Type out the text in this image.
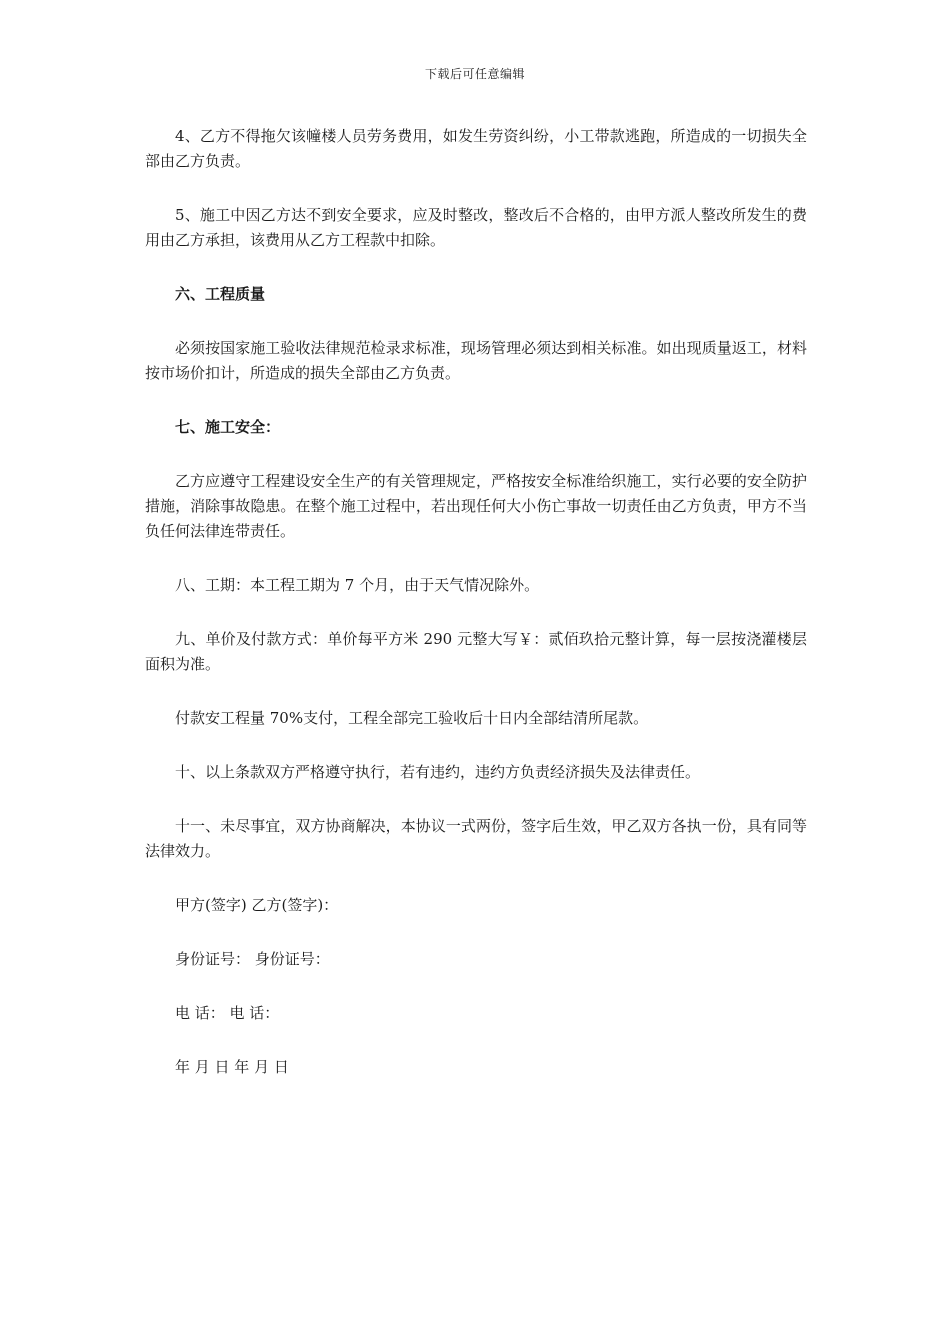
下载后可任意编辑

4、乙方不得拖欠该幢楼人员劳务费用，如发生劳资纠纷，小工带款逃跑，所造成的一切损失全部由乙方负责。

5、施工中因乙方达不到安全要求，应及时整改，整改后不合格的，由甲方派人整改所发生的费用由乙方承担，该费用从乙方工程款中扣除。

六、工程质量

必须按国家施工验收法律规范检录求标准，现场管理必须达到相关标准。如出现质量返工，材料按市场价扣计，所造成的损失全部由乙方负责。

七、施工安全：

乙方应遵守工程建设安全生产的有关管理规定，严格按安全标准给织施工，实行必要的安全防护措施，消除事故隐患。在整个施工过程中，若出现任何大小伤亡事故一切责任由乙方负责，甲方不当负任何法律连带责任。

八、工期：本工程工期为 7 个月，由于天气情况除外。

九、单价及付款方式：单价每平方米 290 元整大写￥：贰佰玖拾元整计算，每一层按浇灌楼层面积为准。

付款安工程量 70%支付，工程全部完工验收后十日内全部结清所尾款。

十、以上条款双方严格遵守执行，若有违约，违约方负责经济损失及法律责任。

十一、未尽事宜，双方协商解决，本协议一式两份，签字后生效，甲乙双方各执一份，具有同等法律效力。

甲方(签字) 乙方(签字)：

身份证号： 身份证号：

电 话： 电 话：

年 月 日 年 月 日
